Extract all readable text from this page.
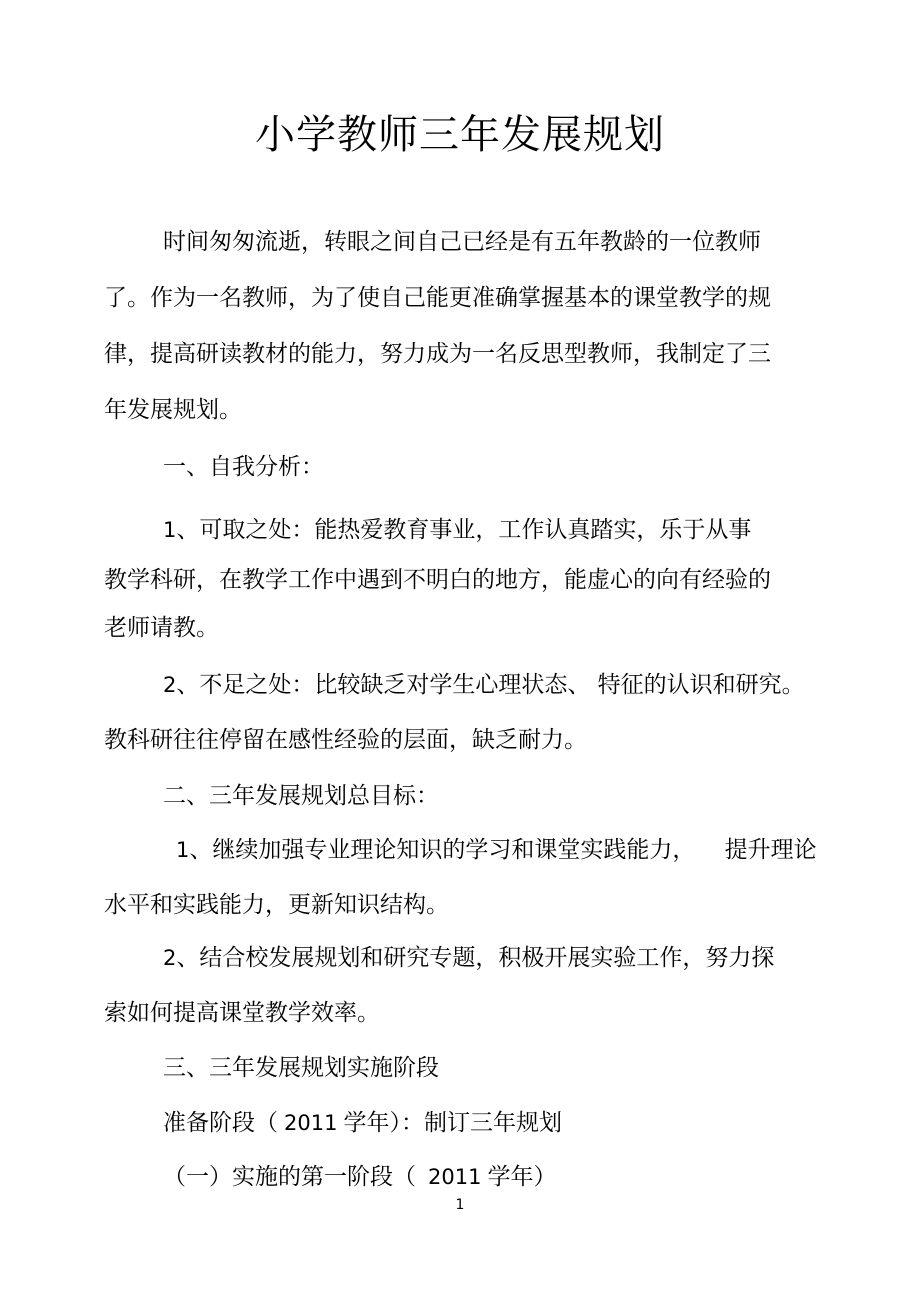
小学教师三年发展规划
时间匆匆流逝，转眼之间自己已经是有五年教龄的一位教师
了。作为一名教师，为了使自己能更准确掌握基本的课堂教学的规
律，提高研读教材的能力，努力成为一名反思型教师，我制定了三
年发展规划。
一、自我分析：
1、可取之处：能热爱教育事业，工作认真踏实，乐于从事
教学科研，在教学工作中遇到不明白的地方，能虚心的向有经验的
老师请教。
2、不足之处：比较缺乏对学生心理状态、 特征的认识和研究。
教科研往往停留在感性经验的层面，缺乏耐力。
二、三年发展规划总目标：
1、继续加强专业理论知识的学习和课堂实践能力，    提升理论
水平和实践能力，更新知识结构。
2、结合校发展规划和研究专题，积极开展实验工作，努力探
索如何提高课堂教学效率。
三、三年发展规划实施阶段
准备阶段（ 2011 学年）：制订三年规划
（一）实施的第一阶段（ 2011 学年）
1
